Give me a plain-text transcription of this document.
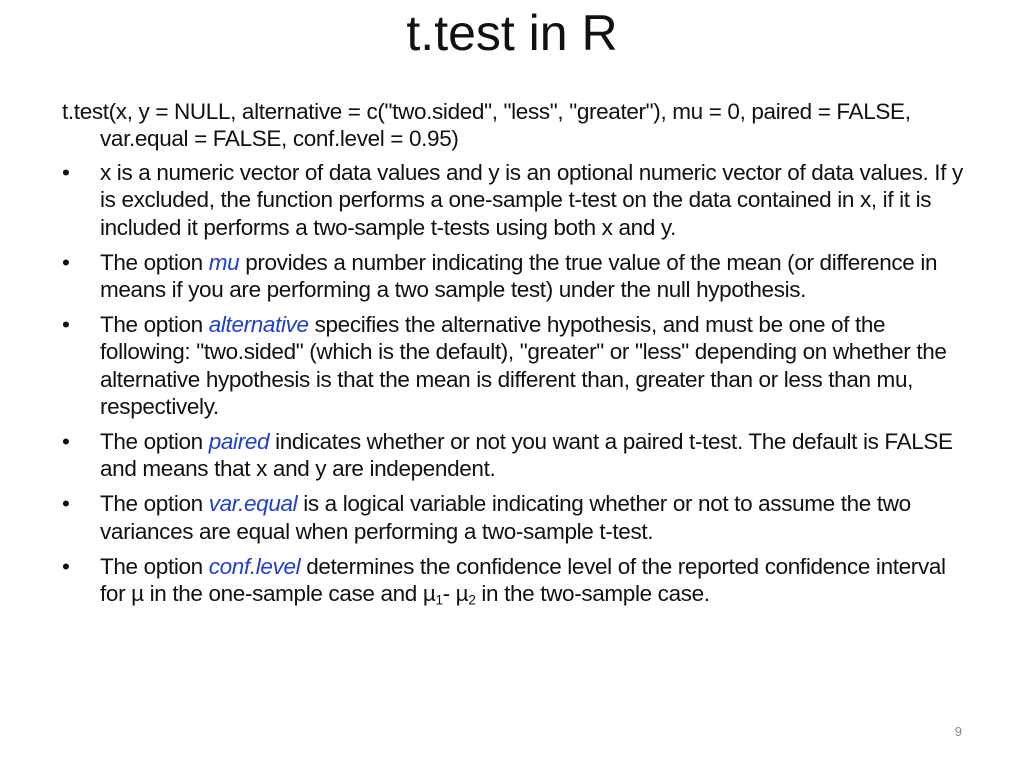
t.test in R

t.test(x, y = NULL, alternative = c("two.sided", "less", "greater"), mu = 0, paired = FALSE, var.equal = FALSE, conf.level = 0.95)

• x is a numeric vector of data values and y is an optional numeric vector of data values. If y is excluded, the function performs a one-sample t-test on the data contained in x, if it is included it performs a two-sample t-tests using both x and y.
• The option mu provides a number indicating the true value of the mean (or difference in means if you are performing a two sample test) under the null hypothesis.
• The option alternative specifies the alternative hypothesis, and must be one of the following: "two.sided" (which is the default), "greater" or "less" depending on whether the alternative hypothesis is that the mean is different than, greater than or less than mu, respectively.
• The option paired indicates whether or not you want a paired t-test. The default is FALSE and means that x and y are independent.
• The option var.equal is a logical variable indicating whether or not to assume the two variances are equal when performing a two-sample t-test.
• The option conf.level determines the confidence level of the reported confidence interval for µ in the one-sample case and µ$_1$- µ$_2$ in the two-sample case.
9
